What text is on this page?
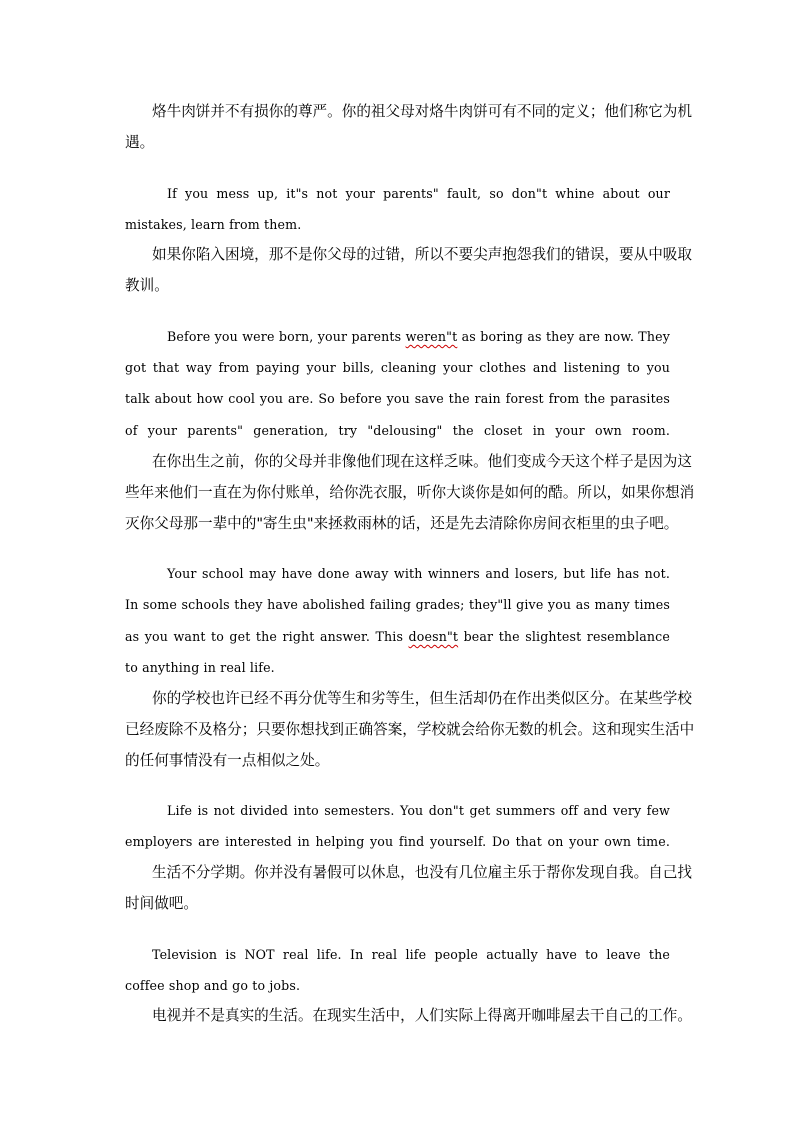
烙牛肉饼并不有损你的尊严。你的祖父母对烙牛肉饼可有不同的定义；他们称它为机
遇。
If you mess up, it"s not your parents" fault, so don"t whine about our
mistakes, learn from them.
如果你陷入困境，那不是你父母的过错，所以不要尖声抱怨我们的错误，要从中吸取
教训。
Before you were born, your parents weren"t as boring as they are now. They
got that way from paying your bills, cleaning your clothes and listening to you
talk about how cool you are. So before you save the rain forest from the parasites
of your parents" generation, try "delousing" the closet in your own room.
在你出生之前，你的父母并非像他们现在这样乏味。他们变成今天这个样子是因为这
些年来他们一直在为你付账单，给你洗衣服，听你大谈你是如何的酷。所以，如果你想消
灭你父母那一辈中的"寄生虫"来拯救雨林的话，还是先去清除你房间衣柜里的虫子吧。
Your school may have done away with winners and losers, but life has not.
In some schools they have abolished failing grades; they"ll give you as many times
as you want to get the right answer. This doesn"t bear the slightest resemblance
to anything in real life.
你的学校也许已经不再分优等生和劣等生，但生活却仍在作出类似区分。在某些学校
已经废除不及格分；只要你想找到正确答案，学校就会给你无数的机会。这和现实生活中
的任何事情没有一点相似之处。
Life is not divided into semesters. You don"t get summers off and very few
employers are interested in helping you find yourself. Do that on your own time.
生活不分学期。你并没有暑假可以休息，也没有几位雇主乐于帮你发现自我。自己找
时间做吧。
Television is NOT real life. In real life people actually have to leave the
coffee shop and go to jobs.
电视并不是真实的生活。在现实生活中，人们实际上得离开咖啡屋去干自己的工作。
